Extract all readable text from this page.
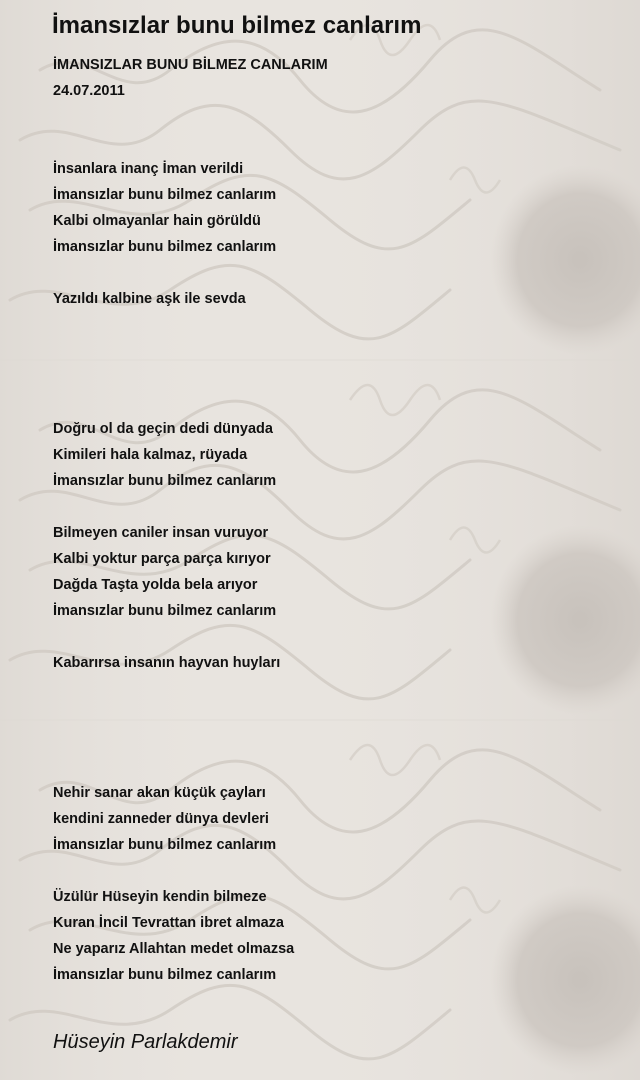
İmansızlar bunu bilmez canlarım
İMANSIZLAR BUNU BİLMEZ CANLARIM
24.07.2011
İnsanlara inanç İman verildi
İmansızlar bunu bilmez canlarım
Kalbi olmayanlar hain görüldü
İmansızlar bunu bilmez canlarım
Yazıldı kalbine aşk ile sevda
Doğru ol da geçin dedi dünyada
Kimileri hala kalmaz, rüyada
İmansızlar bunu bilmez canlarım
Bilmeyen caniler insan vuruyor
Kalbi yoktur parça parça kırıyor
Dağda Taşta yolda bela arıyor
İmansızlar bunu bilmez canlarım
Kabarırsa insanın hayvan huyları
Nehir sanar akan küçük çayları
kendini zanneder dünya devleri
İmansızlar bunu bilmez canlarım
Üzülür Hüseyin kendin bilmeze
Kuran İncil Tevrattan ibret almaza
Ne yaparız Allahtan medet olmazsa
İmansızlar bunu bilmez canlarım
Hüseyin Parlakdemir
